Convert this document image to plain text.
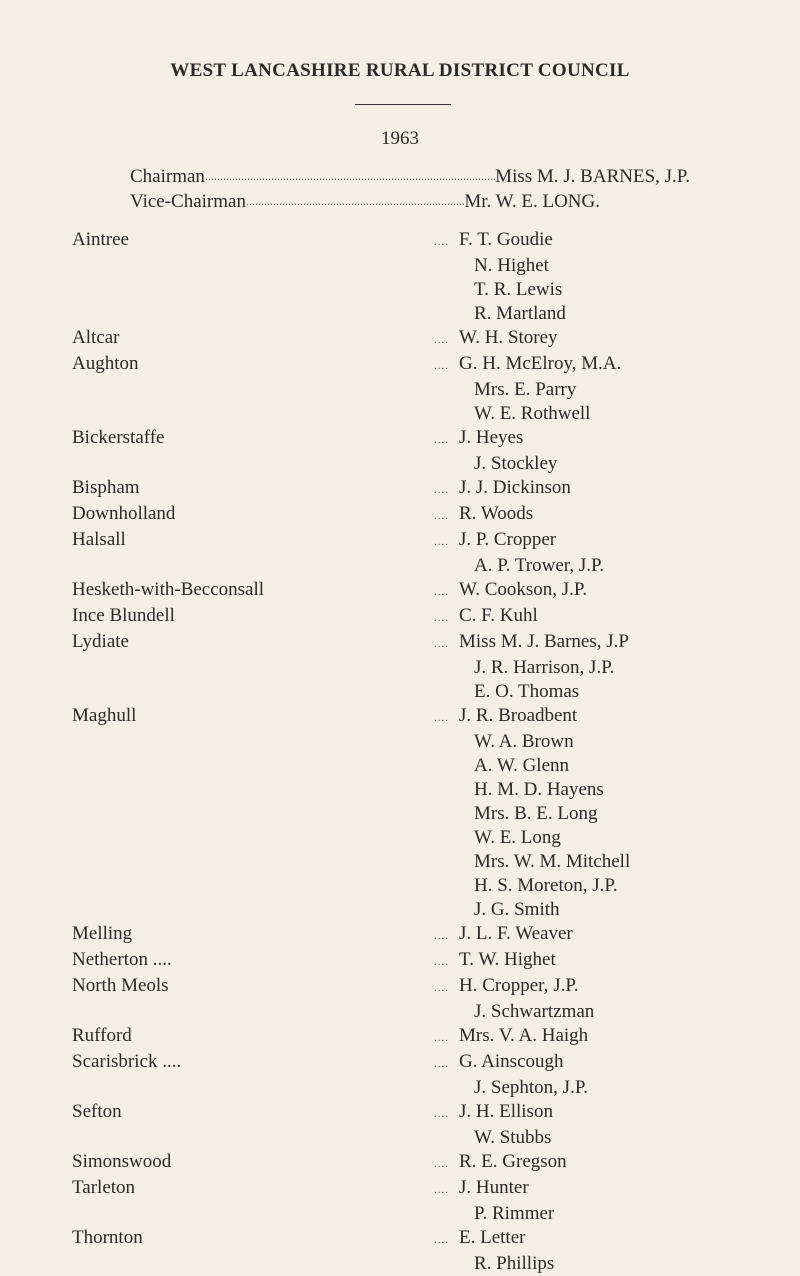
WEST LANCASHIRE RURAL DISTRICT COUNCIL
1963
Chairman .....	Miss M. J. BARNES, J.P.
Vice-Chairman .....	Mr. W. E. LONG.
Aintree	.... F. T. Goudie
N. Highet
T. R. Lewis
R. Martland
Altcar	.... W. H. Storey
Aughton	.... G. H. McElroy, M.A.
Mrs. E. Parry
W. E. Rothwell
Bickerstaffe	.... J. Heyes
J. Stockley
Bispham	.... J. J. Dickinson
Downholland	.... R. Woods
Halsall	.... J. P. Cropper
A. P. Trower, J.P.
Hesketh-with-Becconsall	.... W. Cookson, J.P.
Ince Blundell	.... C. F. Kuhl
Lydiate	.... Miss M. J. Barnes, J.P
J. R. Harrison, J.P.
E. O. Thomas
Maghull	.... J. R. Broadbent
W. A. Brown
A. W. Glenn
H. M. D. Hayens
Mrs. B. E. Long
W. E. Long
Mrs. W. M. Mitchell
H. S. Moreton, J.P.
J. G. Smith
Melling	.... J. L. F. Weaver
Netherton ....	.... T. W. Highet
North Meols	.... H. Cropper, J.P.
J. Schwartzman
Rufford	.... Mrs. V. A. Haigh
Scarisbrick ....	.... G. Ainscough
J. Sephton, J.P.
Sefton	.... J. H. Ellison
W. Stubbs
Simonswood	.... R. E. Gregson
Tarleton	.... J. Hunter
P. Rimmer
Thornton	.... E. Letter
R. Phillips
